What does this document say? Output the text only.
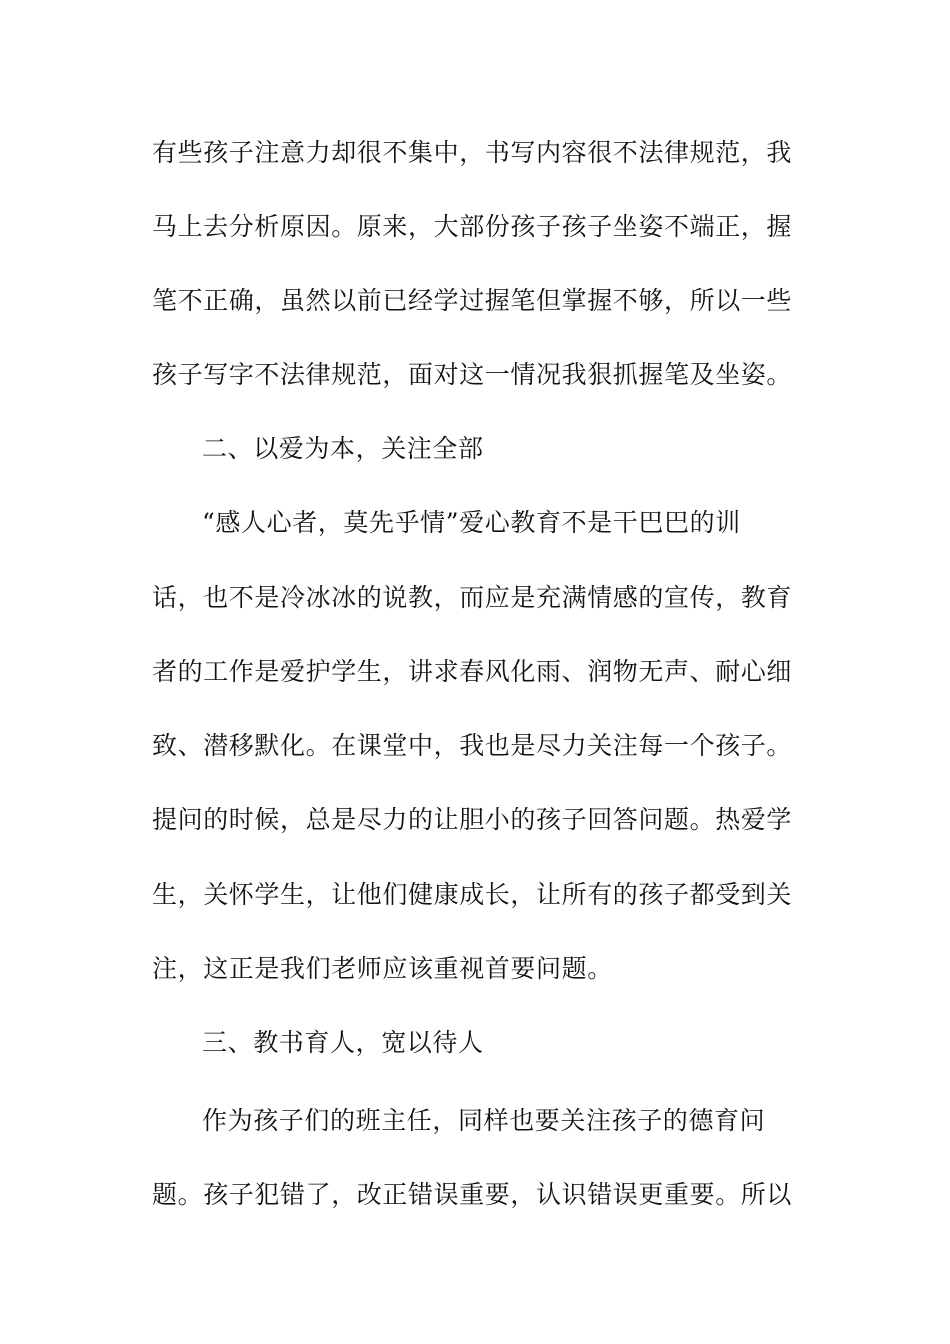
有些孩子注意力却很不集中，书写内容很不法律规范，我
马上去分析原因。原来，大部份孩子孩子坐姿不端正，握
笔不正确，虽然以前已经学过握笔但掌握不够，所以一些
孩子写字不法律规范，面对这一情况我狠抓握笔及坐姿。
二、以爱为本，关注全部
“感人心者，莫先乎情”爱心教育不是干巴巴的训
话，也不是冷冰冰的说教，而应是充满情感的宣传，教育
者的工作是爱护学生，讲求春风化雨、润物无声、耐心细
致、潜移默化。在课堂中，我也是尽力关注每一个孩子。
提问的时候，总是尽力的让胆小的孩子回答问题。热爱学
生，关怀学生，让他们健康成长，让所有的孩子都受到关
注，这正是我们老师应该重视首要问题。
三、教书育人，宽以待人
作为孩子们的班主任，同样也要关注孩子的德育问
题。孩子犯错了，改正错误重要，认识错误更重要。所以
